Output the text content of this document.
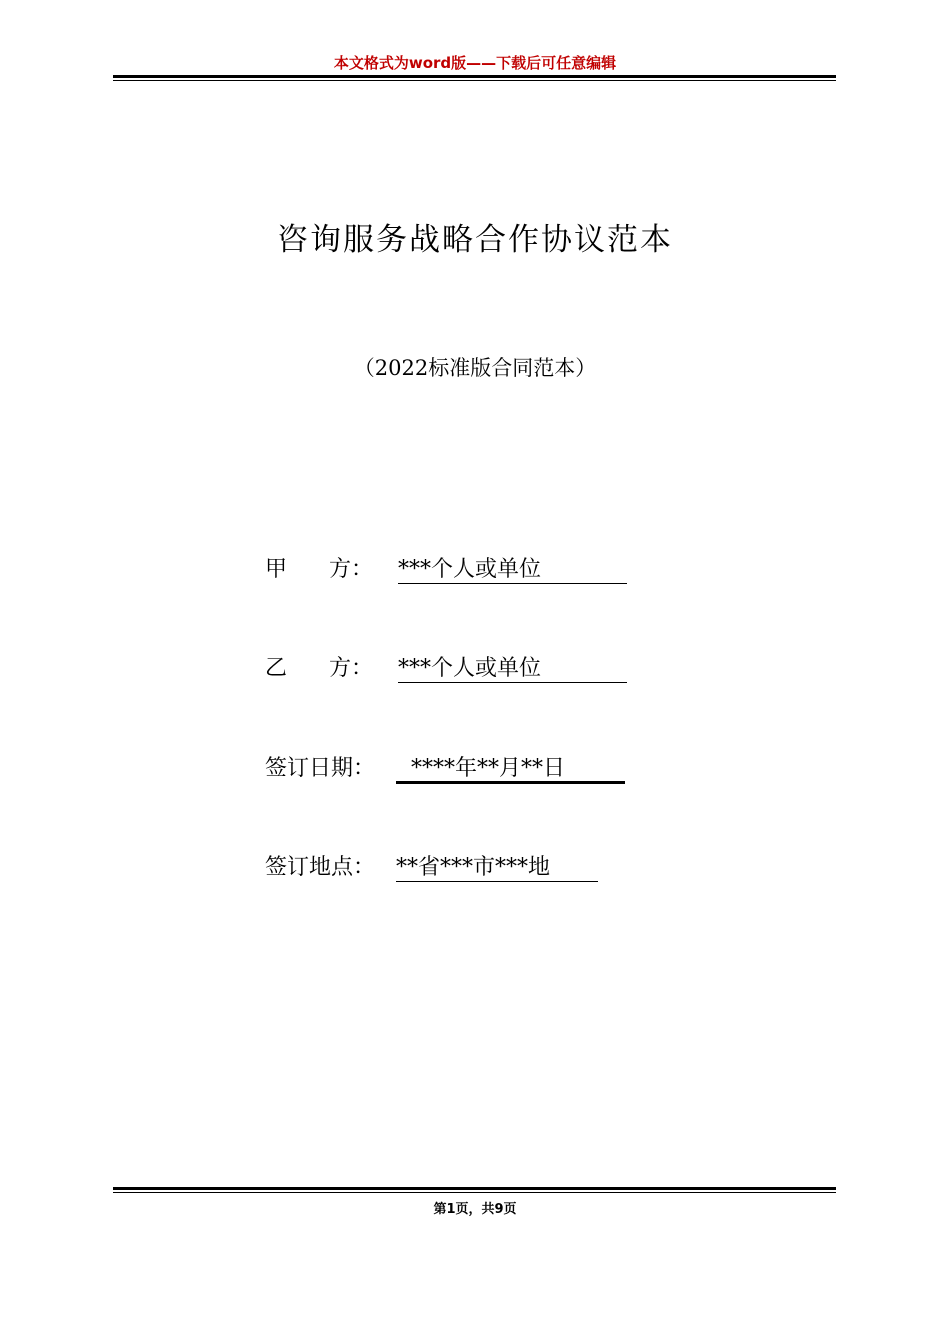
本文格式为word版——下载后可任意编辑
咨询服务战略合作协议范本
（2022标准版合同范本）
甲      方： ***个人或单位
乙      方： ***个人或单位
签订日期： ****年**月**日
签订地点： **省***市***地
第1页，共9页
